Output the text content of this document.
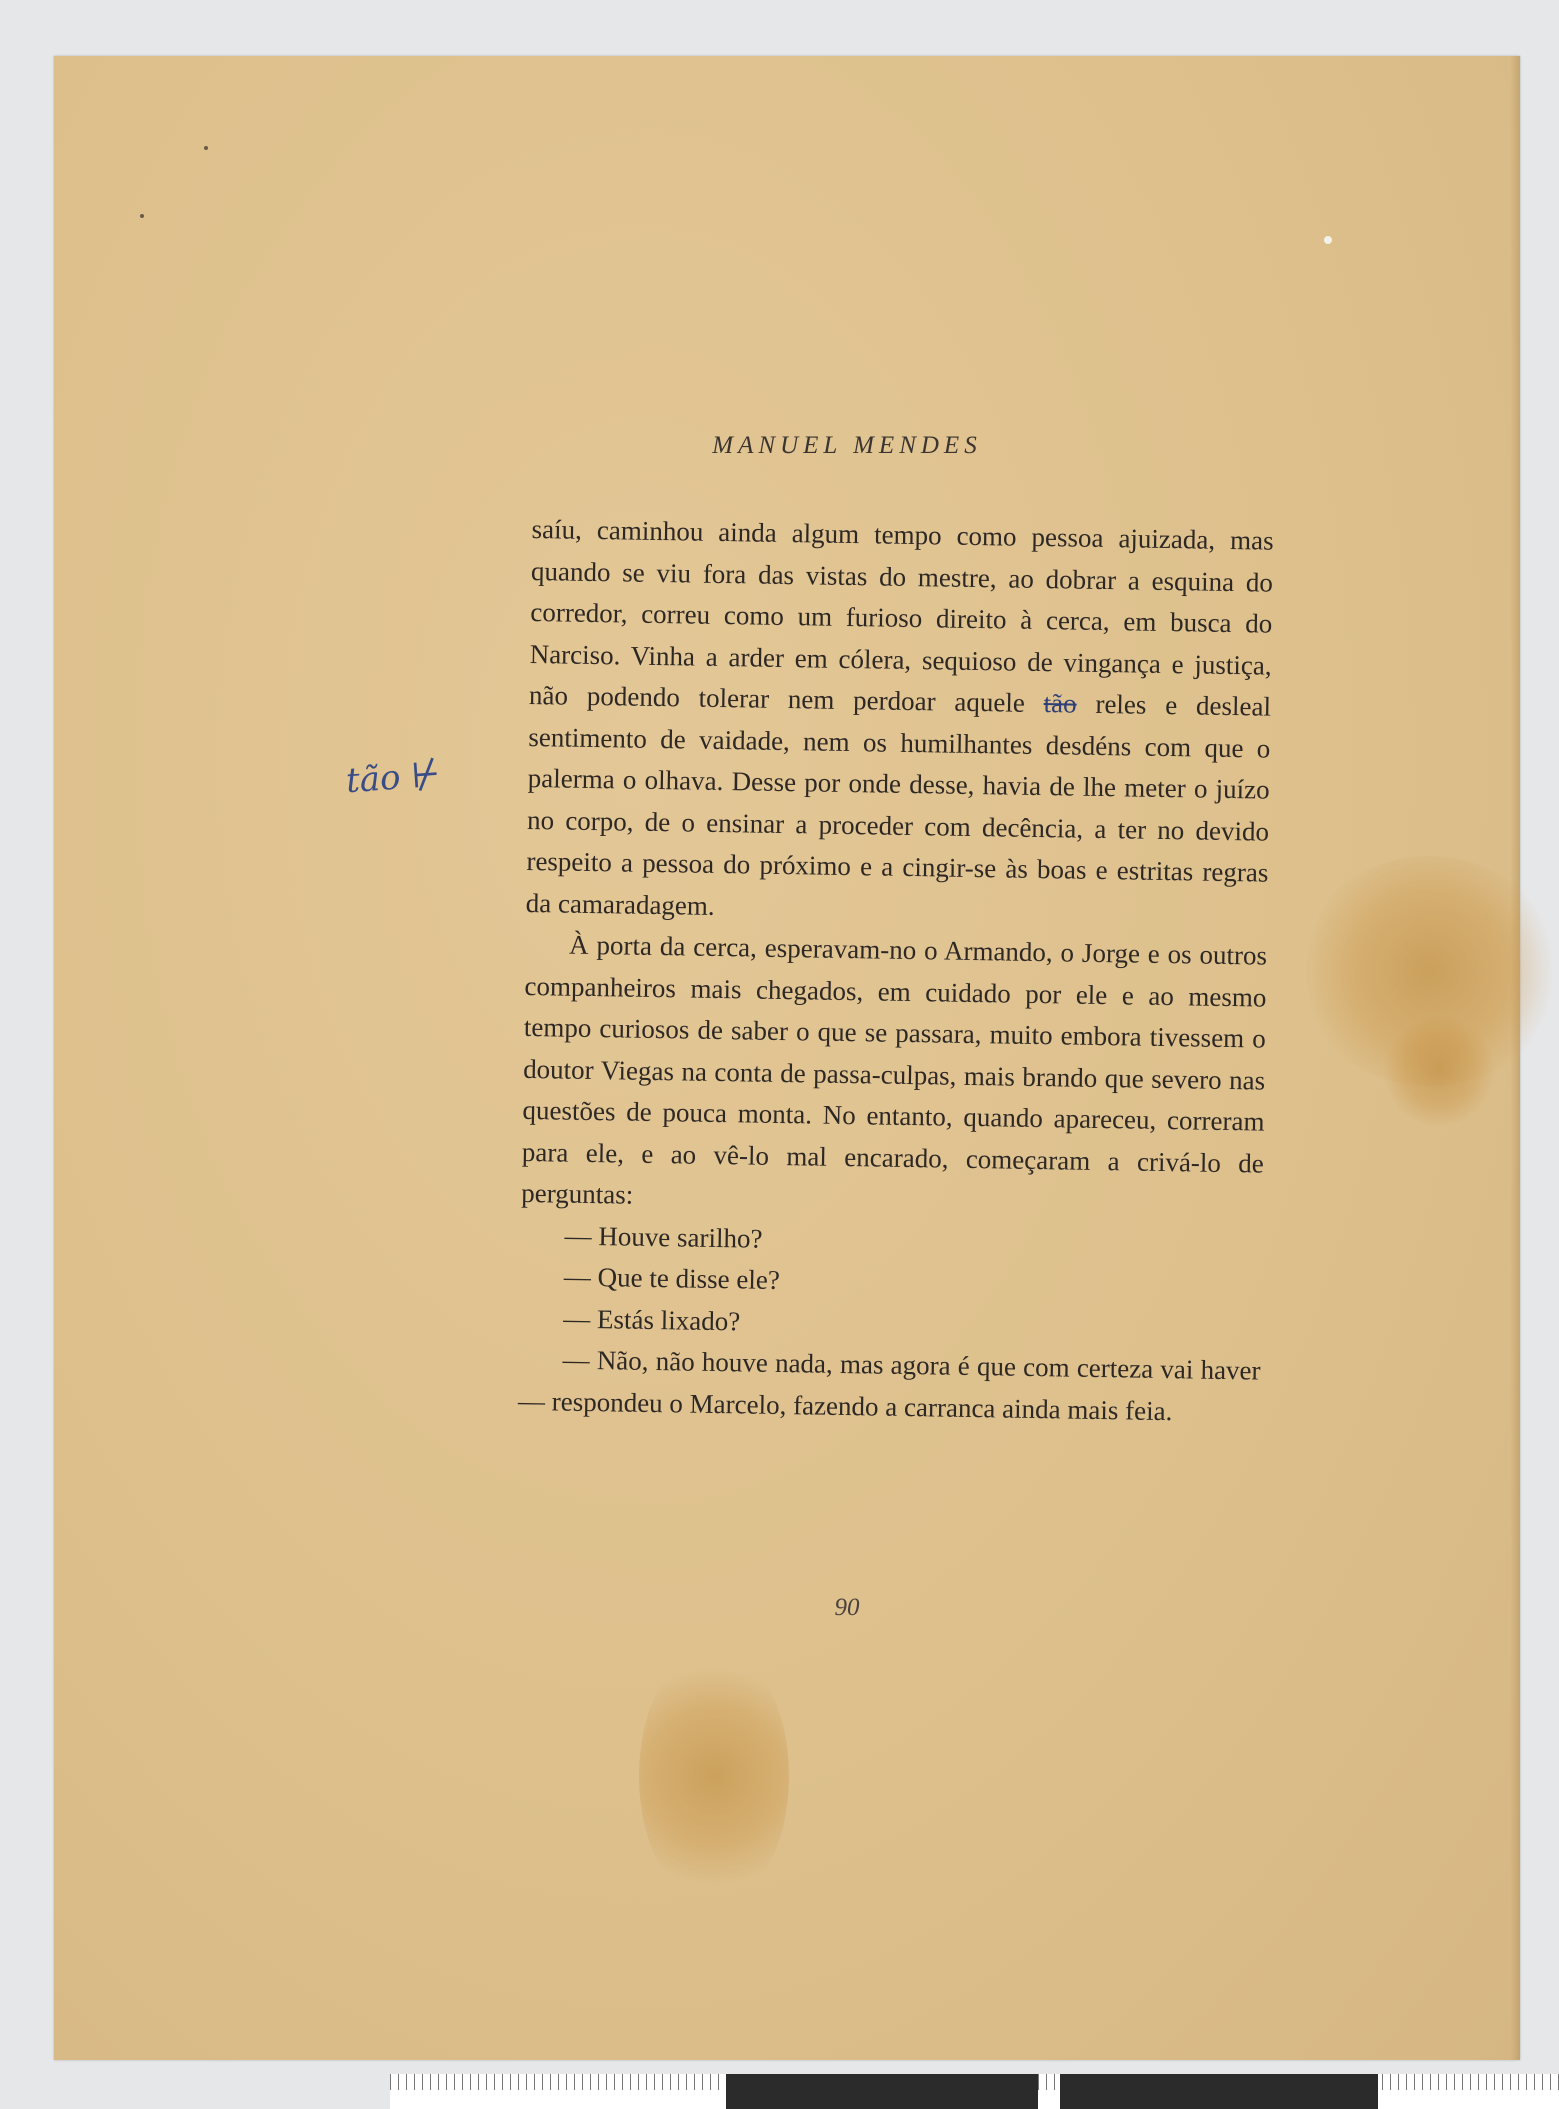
MANUEL MENDES
tão ⊬

saíu, caminhou ainda algum tempo como pessoa ajuizada, mas quando se viu fora das vistas do mestre, ao dobrar a esquina do corredor, correu como um furioso direito à cerca, em busca do Narciso. Vinha a arder em cólera, sequioso de vingança e justiça, não podendo tolerar nem perdoar aquele tão reles e desleal sentimento de vaidade, nem os humilhantes desdéns com que o palerma o olhava. Desse por onde desse, havia de lhe meter o juízo no corpo, de o ensinar a proceder com decência, a ter no devido respeito a pessoa do próximo e a cingir-se às boas e estritas regras da camaradagem.

À porta da cerca, esperavam-no o Armando, o Jorge e os outros companheiros mais chegados, em cuidado por ele e ao mesmo tempo curiosos de saber o que se passara, muito embora tivessem o doutor Viegas na conta de passa-culpas, mais brando que severo nas questões de pouca monta. No entanto, quando apareceu, correram para ele, e ao vê-lo mal encarado, começaram a crivá-lo de perguntas:

— Houve sarilho?

— Que te disse ele?

— Estás lixado?

— Não, não houve nada, mas agora é que com certeza vai haver — respondeu o Marcelo, fazendo a carranca ainda mais feia.

90
